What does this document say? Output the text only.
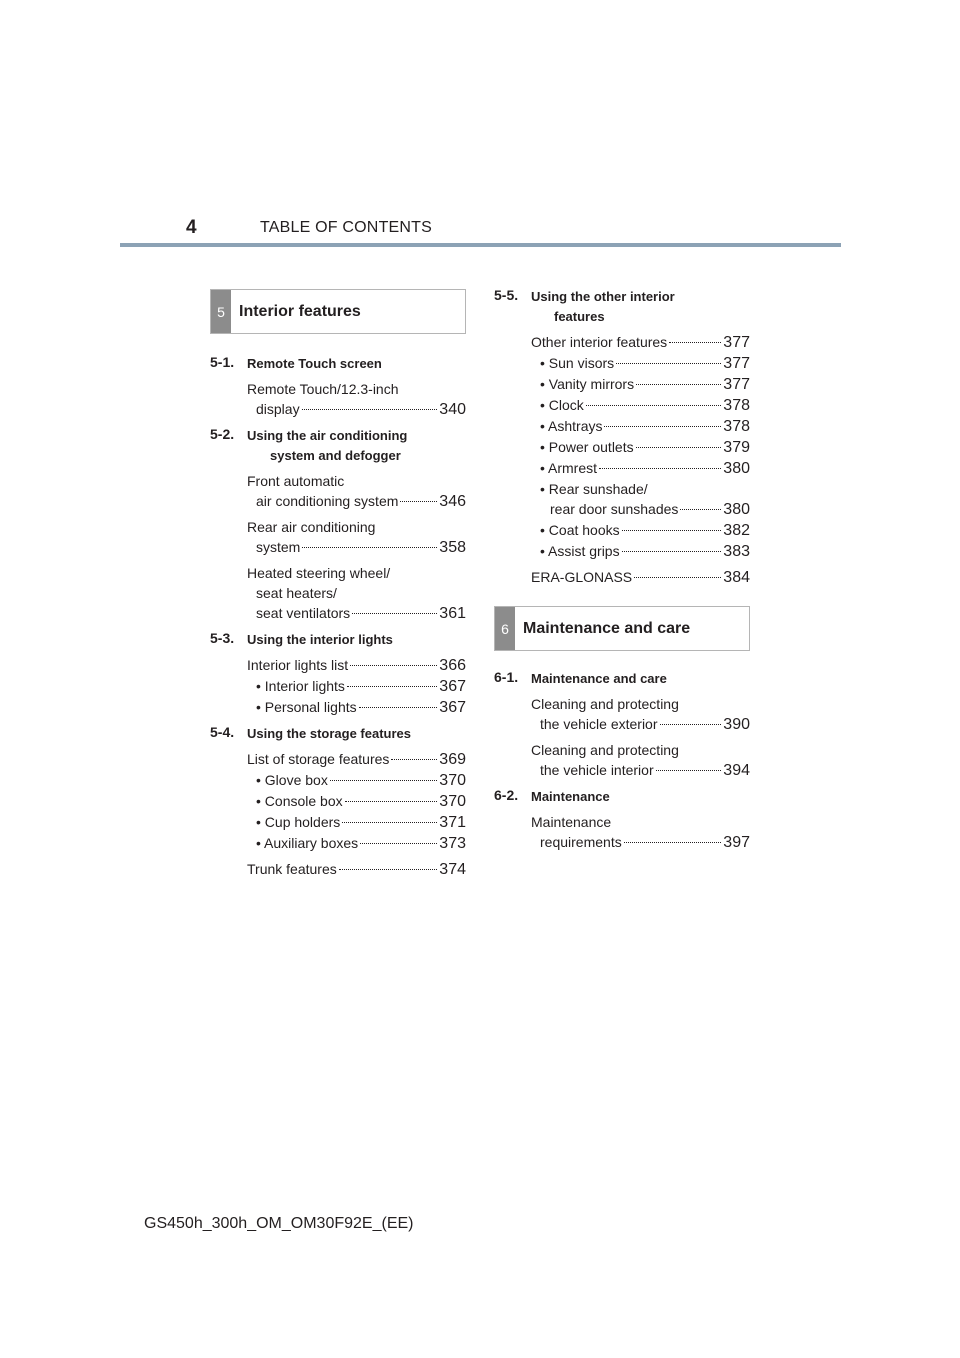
4	TABLE OF CONTENTS
5 Interior features
5-1. Remote Touch screen
Remote Touch/12.3-inch
display	340
5-2. Using the air conditioning
system and defogger
Front automatic
air conditioning system	346
Rear air conditioning
system	358
Heated steering wheel/
seat heaters/
seat ventilators	361
5-3. Using the interior lights
Interior lights list	366
• Interior lights	367
• Personal lights	367
5-4. Using the storage features
List of storage features	369
• Glove box	370
• Console box	370
• Cup holders	371
• Auxiliary boxes	373
Trunk features	374
5-5. Using the other interior
features
Other interior features	377
• Sun visors	377
• Vanity mirrors	377
• Clock	378
• Ashtrays	378
• Power outlets	379
• Armrest	380
• Rear sunshade/
rear door sunshades	380
• Coat hooks	382
• Assist grips	383
ERA-GLONASS	384
6 Maintenance and care
6-1. Maintenance and care
Cleaning and protecting
the vehicle exterior	390
Cleaning and protecting
the vehicle interior	394
6-2. Maintenance
Maintenance
requirements	397
GS450h_300h_OM_OM30F92E_(EE)
